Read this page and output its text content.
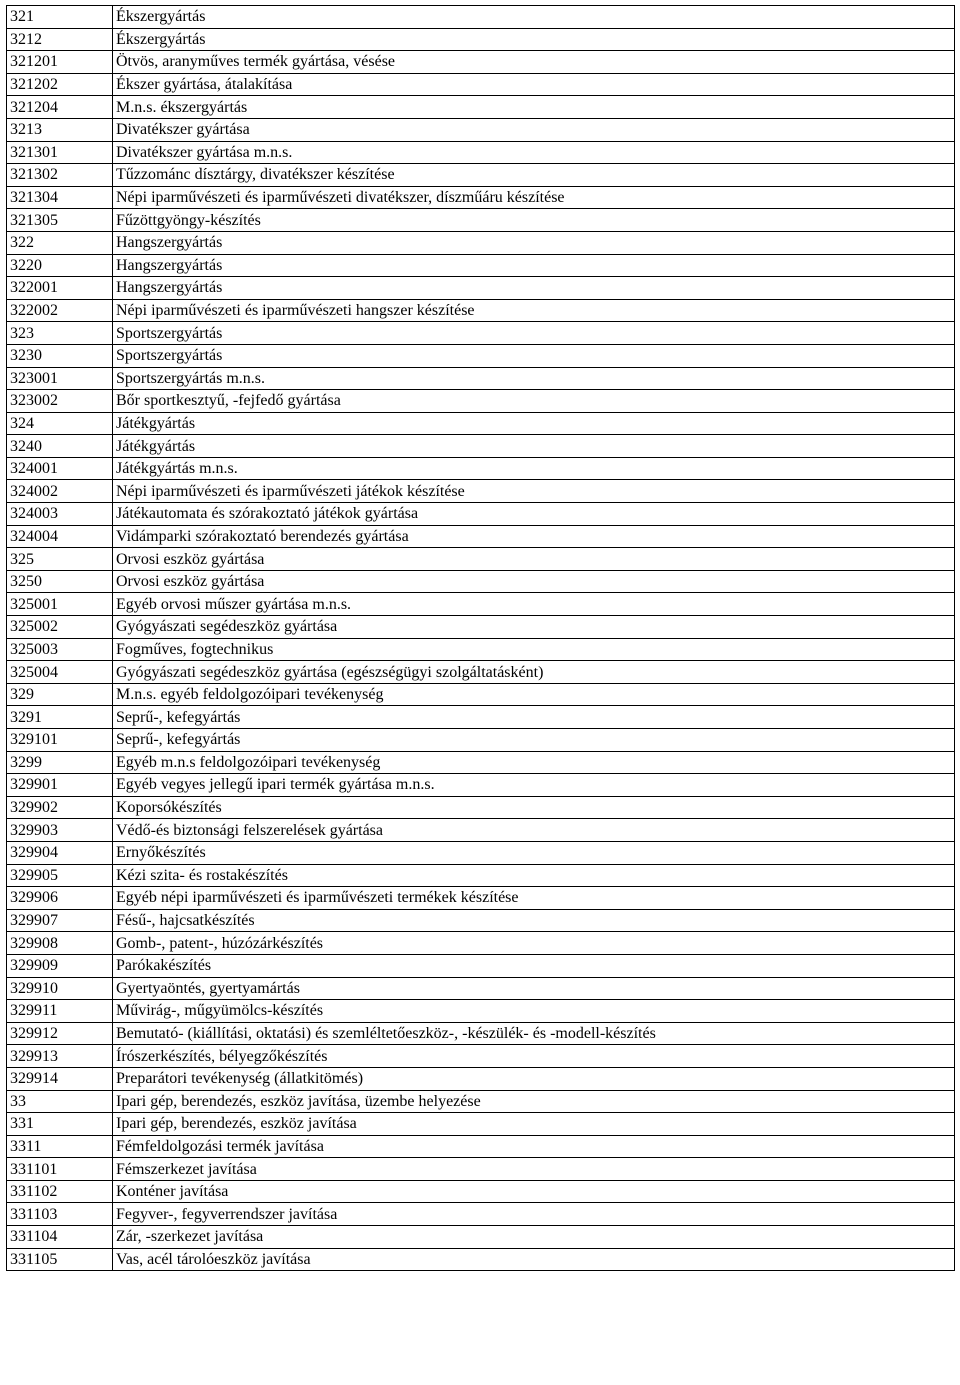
321	Ékszergyártás
3212	Ékszergyártás
321201	Ötvös, aranyműves termék gyártása, vésése
321202	Ékszer gyártása, átalakítása
321204	M.n.s. ékszergyártás
3213	Divatékszer gyártása
321301	Divatékszer gyártása m.n.s.
321302	Tűzzománc dísztárgy, divatékszer készítése
321304	Népi iparművészeti és iparművészeti divatékszer, díszműáru készítése
321305	Fűzöttgyöngy-készítés
322	Hangszergyártás
3220	Hangszergyártás
322001	Hangszergyártás
322002	Népi iparművészeti és iparművészeti hangszer készítése
323	Sportszergyártás
3230	Sportszergyártás
323001	Sportszergyártás m.n.s.
323002	Bőr sportkesztyű, -fejfedő gyártása
324	Játékgyártás
3240	Játékgyártás
324001	Játékgyártás m.n.s.
324002	Népi iparművészeti és iparművészeti játékok készítése
324003	Játékautomata és szórakoztató játékok gyártása
324004	Vidámparki szórakoztató berendezés gyártása
325	Orvosi eszköz gyártása
3250	Orvosi eszköz gyártása
325001	Egyéb orvosi műszer gyártása m.n.s.
325002	Gyógyászati segédeszköz gyártása
325003	Fogműves, fogtechnikus
325004	Gyógyászati segédeszköz gyártása (egészségügyi szolgáltatásként)
329	M.n.s. egyéb feldolgozóipari tevékenység
3291	Seprű-, kefegyártás
329101	Seprű-, kefegyártás
3299	Egyéb m.n.s feldolgozóipari tevékenység
329901	Egyéb vegyes jellegű ipari termék gyártása m.n.s.
329902	Koporsókészítés
329903	Védő-és biztonsági felszerelések gyártása
329904	Ernyőkészítés
329905	Kézi szita- és rostakészítés
329906	Egyéb népi iparművészeti és iparművészeti termékek készítése
329907	Fésű-, hajcsatkészítés
329908	Gomb-, patent-, húzózárkészítés
329909	Parókakészítés
329910	Gyertyaöntés, gyertyamártás
329911	Művirág-, műgyümölcs-készítés
329912	Bemutató- (kiállítási, oktatási) és szemléltetőeszköz-, -készülék- és -modell-készítés
329913	Írószerkészítés, bélyegzőkészítés
329914	Preparátori tevékenység (állatkitömés)
33	Ipari gép, berendezés, eszköz javítása, üzembe helyezése
331	Ipari gép, berendezés, eszköz javítása
3311	Fémfeldolgozási termék javítása
331101	Fémszerkezet javítása
331102	Konténer javítása
331103	Fegyver-, fegyverrendszer javítása
331104	Zár, -szerkezet javítása
331105	Vas, acél tárolóeszköz javítása
